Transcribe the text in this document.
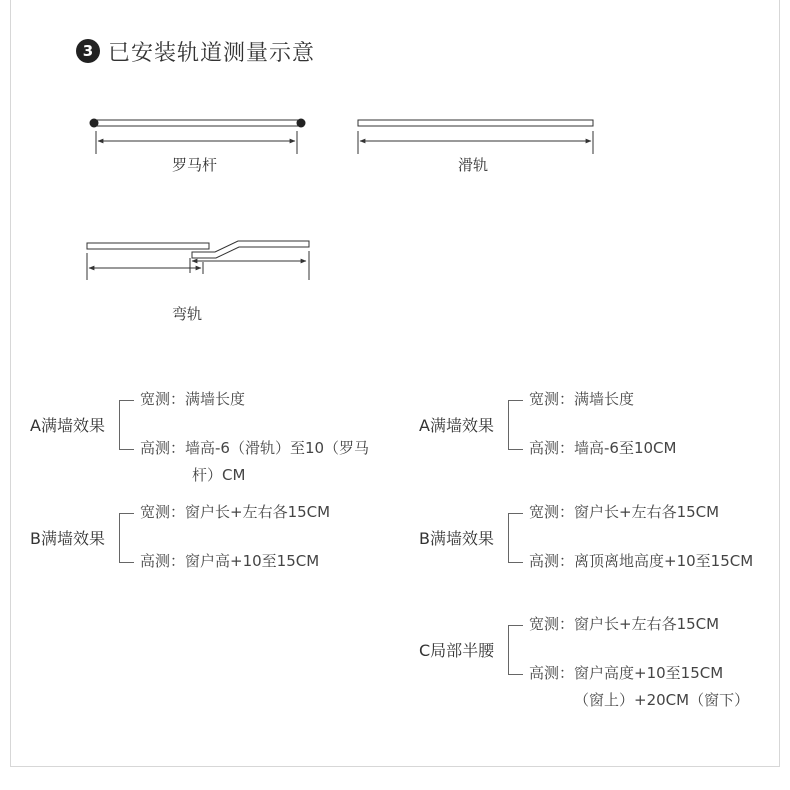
3 已安装轨道测量示意
罗马杆	滑轨
弯轨
A满墙效果
宽测：满墙长度
高测：墙高-6（滑轨）至10（罗马
杆）CM
B满墙效果
宽测：窗户长+左右各15CM
高测：窗户高+10至15CM
A满墙效果
宽测：满墙长度
高测：墙高-6至10CM
B满墙效果
宽测：窗户长+左右各15CM
高测：离顶离地高度+10至15CM
C局部半腰
宽测：窗户长+左右各15CM
高测：窗户高度+10至15CM
（窗上）+20CM（窗下）
